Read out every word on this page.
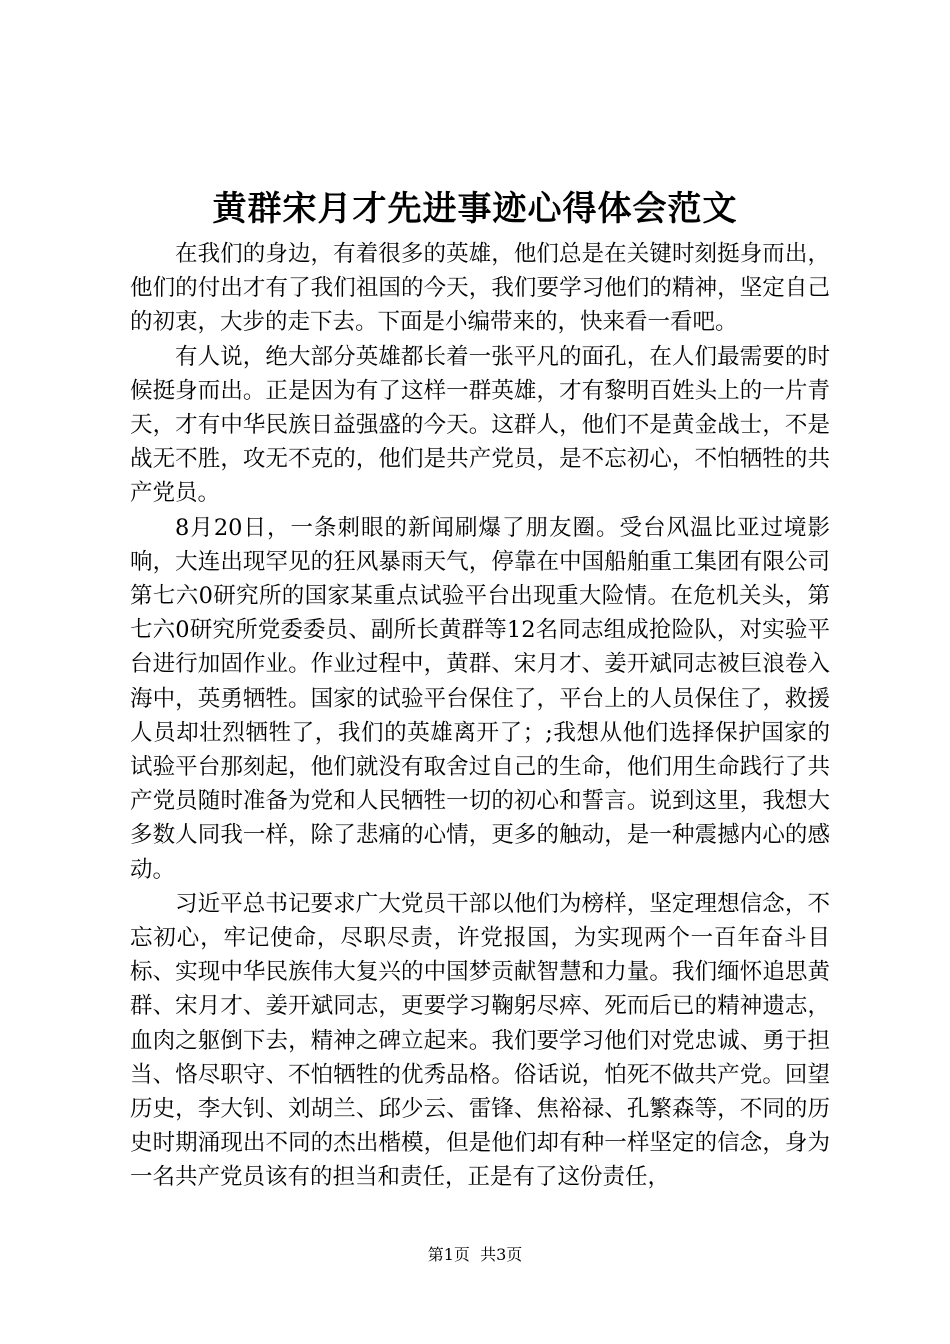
黄群宋月才先进事迹心得体会范文

在我们的身边，有着很多的英雄，他们总是在关键时刻挺身而出，他们的付出才有了我们祖国的今天，我们要学习他们的精神，坚定自己的初衷，大步的走下去。下面是小编带来的，快来看一看吧。

有人说，绝大部分英雄都长着一张平凡的面孔，在人们最需要的时候挺身而出。正是因为有了这样一群英雄，才有黎明百姓头上的一片青天，才有中华民族日益强盛的今天。这群人，他们不是黄金战士，不是战无不胜，攻无不克的，他们是共产党员，是不忘初心，不怕牺牲的共产党员。

8月20日，一条刺眼的新闻刷爆了朋友圈。受台风温比亚过境影响，大连出现罕见的狂风暴雨天气，停靠在中国船舶重工集团有限公司第七六0研究所的国家某重点试验平台出现重大险情。在危机关头，第七六0研究所党委委员、副所长黄群等12名同志组成抢险队，对实验平台进行加固作业。作业过程中，黄群、宋月才、姜开斌同志被巨浪卷入海中，英勇牺牲。国家的试验平台保住了，平台上的人员保住了，救援人员却壮烈牺牲了，我们的英雄离开了；;我想从他们选择保护国家的试验平台那刻起，他们就没有取舍过自己的生命，他们用生命践行了共产党员随时准备为党和人民牺牲一切的初心和誓言。说到这里，我想大多数人同我一样，除了悲痛的心情，更多的触动，是一种震撼内心的感动。

习近平总书记要求广大党员干部以他们为榜样，坚定理想信念，不忘初心，牢记使命，尽职尽责，许党报国，为实现两个一百年奋斗目标、实现中华民族伟大复兴的中国梦贡献智慧和力量。我们缅怀追思黄群、宋月才、姜开斌同志，更要学习鞠躬尽瘁、死而后已的精神遗志，血肉之躯倒下去，精神之碑立起来。我们要学习他们对党忠诚、勇于担当、恪尽职守、不怕牺牲的优秀品格。俗话说，怕死不做共产党。回望历史，李大钊、刘胡兰、邱少云、雷锋、焦裕禄、孔繁森等，不同的历史时期涌现出不同的杰出楷模，但是他们却有种一样坚定的信念，身为一名共产党员该有的担当和责任，正是有了这份责任，

第1页 共3页
